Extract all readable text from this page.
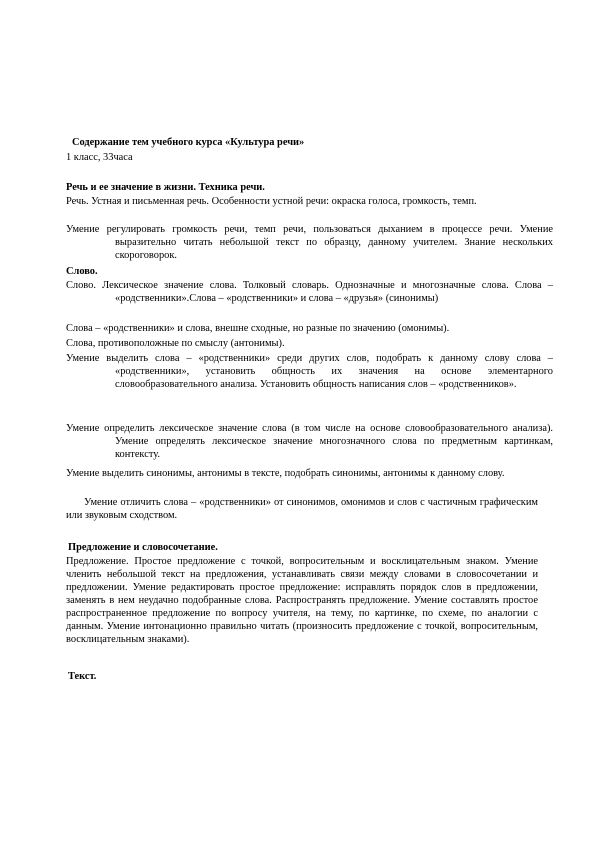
Содержание тем учебного курса «Культура речи»
1 класс, 33часа
Речь и ее значение в жизни. Техника речи.
Речь. Устная и письменная речь. Особенности устной речи: окраска голоса, громкость, темп.
Умение регулировать громкость речи, темп речи, пользоваться дыханием в процессе речи. Умение выразительно читать небольшой текст по образцу, данному учителем. Знание нескольких скороговорок.
Слово.
Слово. Лексическое значение слова. Толковый словарь. Однозначные и многозначные слова. Слова – «родственники».Слова – «родственники» и слова – «друзья» (синонимы)
Слова – «родственники» и слова, внешне сходные, но разные по значению (омонимы).
Слова, противоположные по смыслу (антонимы).
Умение выделить слова – «родственники» среди других слов, подобрать к данному слову слова – «родственники», установить общность их значения на основе элементарного словообразовательного анализа. Установить общность написания слов – «родственников».
Умение определить лексическое значение слова (в том числе на основе словообразовательного анализа). Умение определять лексическое значение многозначного слова по предметным картинкам, контексту.
Умение выделить синонимы, антонимы в тексте, подобрать синонимы, антонимы к данному слову.
Умение отличить слова – «родственники» от синонимов, омонимов и слов с частичным графическим или звуковым сходством.
Предложение и словосочетание.
Предложение. Простое предложение с точкой, вопросительным и восклицательным знаком. Умение членить небольшой текст на предложения, устанавливать связи между словами в словосочетании и предложении. Умение редактировать простое предложение: исправлять порядок слов в предложении, заменять в нем неудачно подобранные слова. Распространять предложение. Умение составлять простое распространенное предложение по вопросу учителя, на тему, по картинке, по схеме, по аналогии с данным. Умение интонационно правильно читать (произносить предложение с точкой, вопросительным, восклицательным знаками).
Текст.
